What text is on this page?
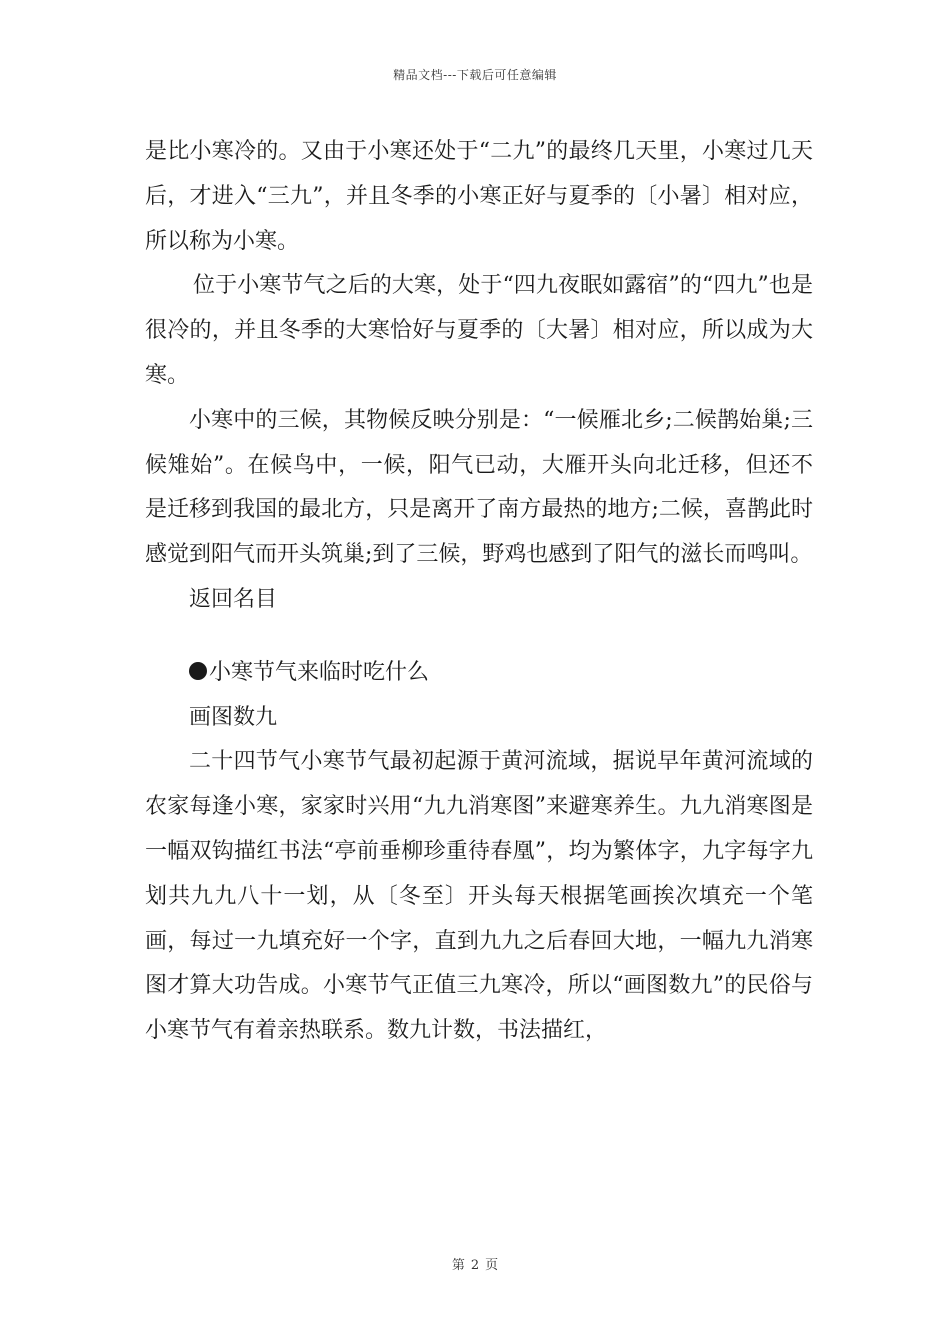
精品文档---下载后可任意编辑

是比小寒冷的。又由于小寒还处于“二九”的最终几天里，小寒过几天后，才进入“三九”，并且冬季的小寒正好与夏季的〔小暑〕相对应，所以称为小寒。

位于小寒节气之后的大寒，处于“四九夜眠如露宿”的“四九”也是很冷的，并且冬季的大寒恰好与夏季的〔大暑〕相对应，所以成为大寒。

小寒中的三候，其物候反映分别是：“一候雁北乡;二候鹊始巢;三候雉始”。在候鸟中，一候，阳气已动，大雁开头向北迁移，但还不是迁移到我国的最北方，只是离开了南方最热的地方;二候，喜鹊此时感觉到阳气而开头筑巢;到了三候，野鸡也感到了阳气的滋长而鸣叫。

返回名目

小寒节气来临时吃什么

画图数九

二十四节气小寒节气最初起源于黄河流域，据说早年黄河流域的农家每逢小寒，家家时兴用“九九消寒图”来避寒养生。九九消寒图是一幅双钩描红书法“亭前垂柳珍重待春凰”，均为繁体字，九字每字九划共九九八十一划，从〔冬至〕开头每天根据笔画挨次填充一个笔画，每过一九填充好一个字，直到九九之后春回大地，一幅九九消寒图才算大功告成。小寒节气正值三九寒冷，所以“画图数九”的民俗与小寒节气有着亲热联系。数九计数，书法描红，

第 2 页
